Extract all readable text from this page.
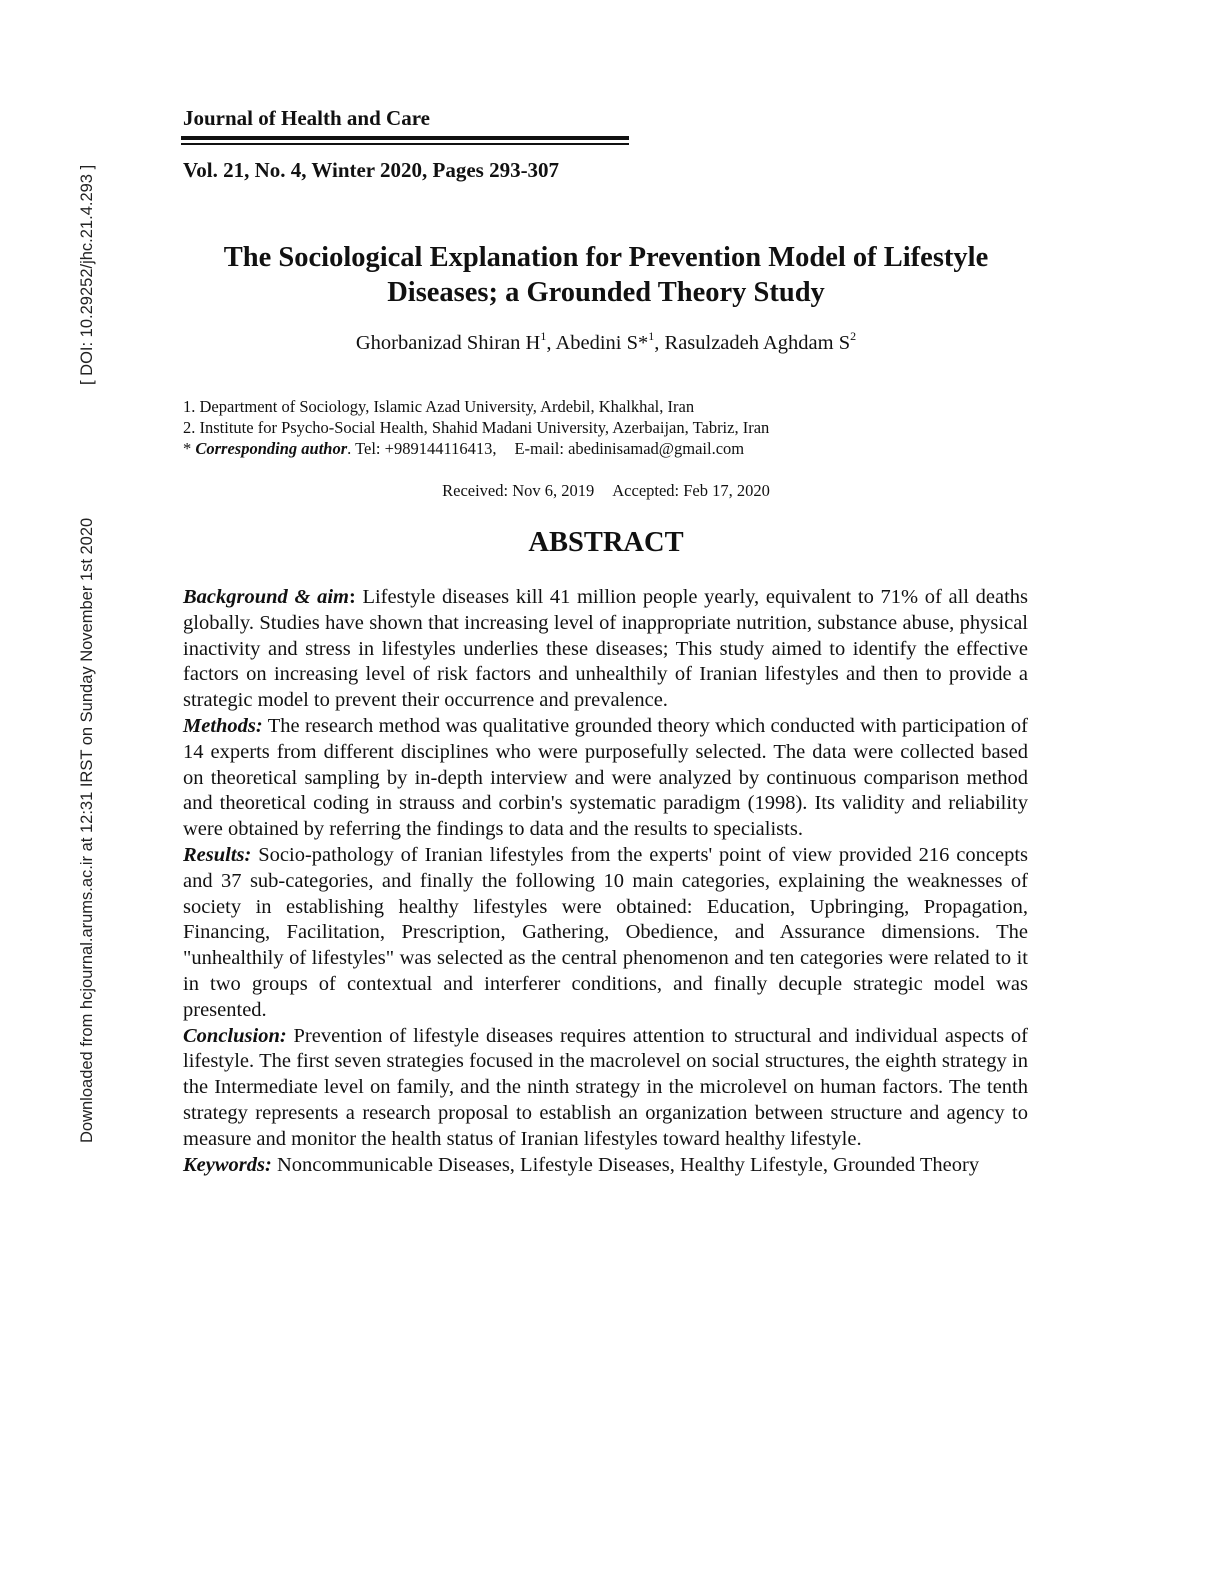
[ DOI: 10.29252/jhc.21.4.293 ]
Downloaded from hcjournal.arums.ac.ir at 12:31 IRST on Sunday November 1st 2020
Journal of Health and Care
Vol. 21, No. 4, Winter 2020, Pages 293-307
The Sociological Explanation for Prevention Model of Lifestyle Diseases; a Grounded Theory Study
Ghorbanizad Shiran $H^1$, Abedini S*$^1$, Rasulzadeh Aghdam $S^2$
1. Department of Sociology, Islamic Azad University, Ardebil, Khalkhal, Iran
2. Institute for Psycho-Social Health, Shahid Madani University, Azerbaijan, Tabriz, Iran
* Corresponding author. Tel: +989144116413, E-mail: abedinisamad@gmail.com
Received: Nov 6, 2019 Accepted: Feb 17, 2020
ABSTRACT

Background & aim: Lifestyle diseases kill 41 million people yearly, equivalent to 71% of all deaths globally. Studies have shown that increasing level of inappropriate nutrition, substance abuse, physical inactivity and stress in lifestyles underlies these diseases; This study aimed to identify the effective factors on increasing level of risk factors and unhealthily of Iranian lifestyles and then to provide a strategic model to prevent their occurrence and prevalence.

Methods: The research method was qualitative grounded theory which conducted with participation of 14 experts from different disciplines who were purposefully selected. The data were collected based on theoretical sampling by in-depth interview and were analyzed by continuous comparison method and theoretical coding in strauss and corbin's systematic paradigm (1998). Its validity and reliability were obtained by referring the findings to data and the results to specialists.

Results: Socio-pathology of Iranian lifestyles from the experts' point of view provided 216 concepts and 37 sub-categories, and finally the following 10 main categories, explaining the weaknesses of society in establishing healthy lifestyles were obtained: Education, Upbringing, Propagation, Financing, Facilitation, Prescription, Gathering, Obedience, and Assurance dimensions. The "unhealthily of lifestyles" was selected as the central phenomenon and ten categories were related to it in two groups of contextual and interferer conditions, and finally decuple strategic model was presented.

Conclusion: Prevention of lifestyle diseases requires attention to structural and individual aspects of lifestyle. The first seven strategies focused in the macrolevel on social structures, the eighth strategy in the Intermediate level on family, and the ninth strategy in the microlevel on human factors. The tenth strategy represents a research proposal to establish an organization between structure and agency to measure and monitor the health status of Iranian lifestyles toward healthy lifestyle.

Keywords: Noncommunicable Diseases, Lifestyle Diseases, Healthy Lifestyle, Grounded Theory
